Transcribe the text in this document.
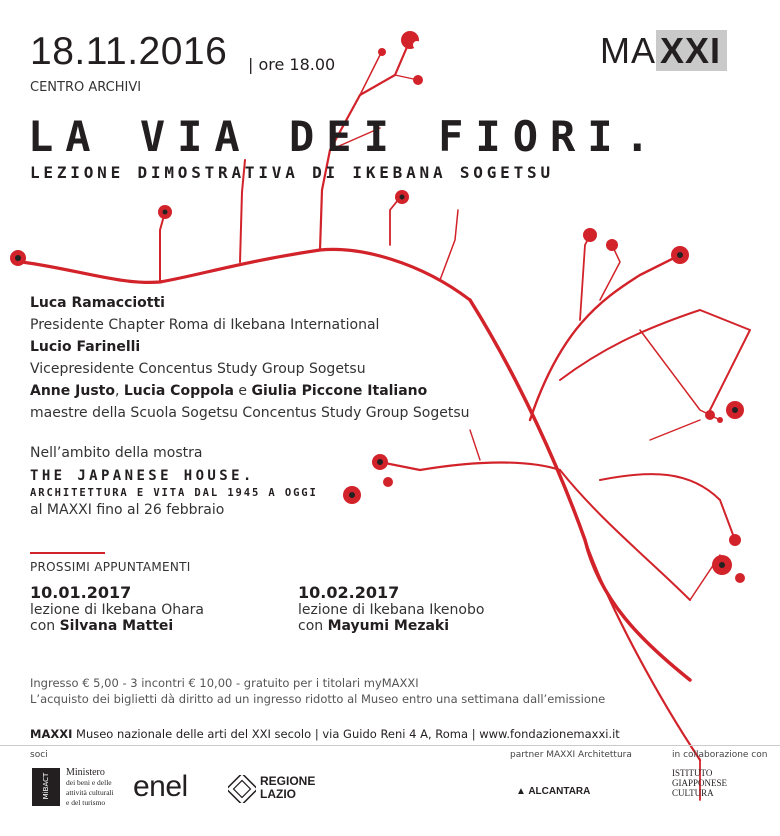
18.11.2016 | ore 18.00
CENTRO ARCHIVI
MA XXI
LA VIA DEI FIORI.
LEZIONE DIMOSTRATIVA DI IKEBANA SOGETSU
Luca Ramacciotti
Presidente Chapter Roma di Ikebana International
Lucio Farinelli
Vicepresidente Concentus Study Group Sogetsu
Anne Justo, Lucia Coppola e Giulia Piccone Italiano
maestre della Scuola Sogetsu Concentus Study Group Sogetsu
Nell’ambito della mostra
THE JAPANESE HOUSE.
ARCHITETTURA E VITA DAL 1945 A OGGI
al MAXXI fino al 26 febbraio
PROSSIMI APPUNTAMENTI
10.01.2017
lezione di Ikebana Ohara
con Silvana Mattei
10.02.2017
lezione di Ikebana Ikenobo
con Mayumi Mezaki
Ingresso € 5,00 - 3 incontri € 10,00 - gratuito per i titolari myMAXXI
L’acquisto dei biglietti dà diritto ad un ingresso ridotto al Museo entro una settimana dall’emissione
MAXXI Museo nazionale delle arti del XXI secolo | via Guido Reni 4 A, Roma | www.fondazionemaxxi.it
soci	partner MAXXI Architettura	in collaborazione con
MiBACT
Ministero
dei beni e delle
attività culturali
e del turismo enel	REGIONE
LAZIO	▲ ALCANTARA
ISTITUTO
GIAPPONESE
CULTURA
